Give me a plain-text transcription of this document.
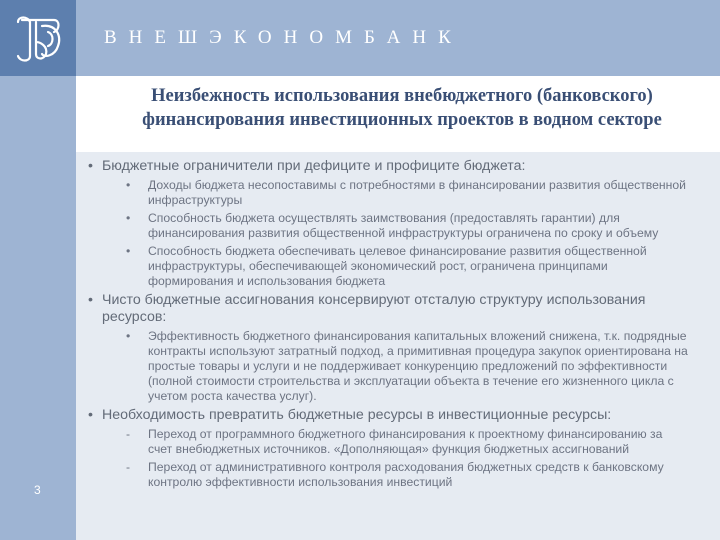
ВНЕШЭКОНОМБАНК
Неизбежность использования внебюджетного (банковского)
финансирования инвестиционных проектов в водном секторе
3
• Бюджетные ограничители при дефиците и профиците бюджета:
• Доходы бюджета несопоставимы с потребностями в финансировании развития общественной инфраструктуры
• Способность бюджета осуществлять заимствования (предоставлять гарантии) для финансирования развития общественной инфраструктуры ограничена по сроку и объему
• Способность бюджета обеспечивать целевое финансирование развития общественной инфраструктуры, обеспечивающей экономический рост, ограничена принципами формирования и использования бюджета
• Чисто бюджетные ассигнования консервируют отсталую структуру использования ресурсов:
• Эффективность бюджетного финансирования капитальных вложений снижена, т.к. подрядные контракты используют затратный подход, а примитивная процедура закупок ориентирована на простые товары и услуги и не поддерживает конкуренцию предложений по эффективности (полной стоимости строительства и эксплуатации объекта в течение его жизненного цикла с учетом роста качества услуг).
• Необходимость превратить бюджетные ресурсы в инвестиционные ресурсы:
- Переход от программного бюджетного финансирования к проектному финансированию за счет внебюджетных источников. «Дополняющая» функция бюджетных ассигнований
- Переход от административного контроля расходования бюджетных средств к банковскому контролю эффективности использования инвестиций
